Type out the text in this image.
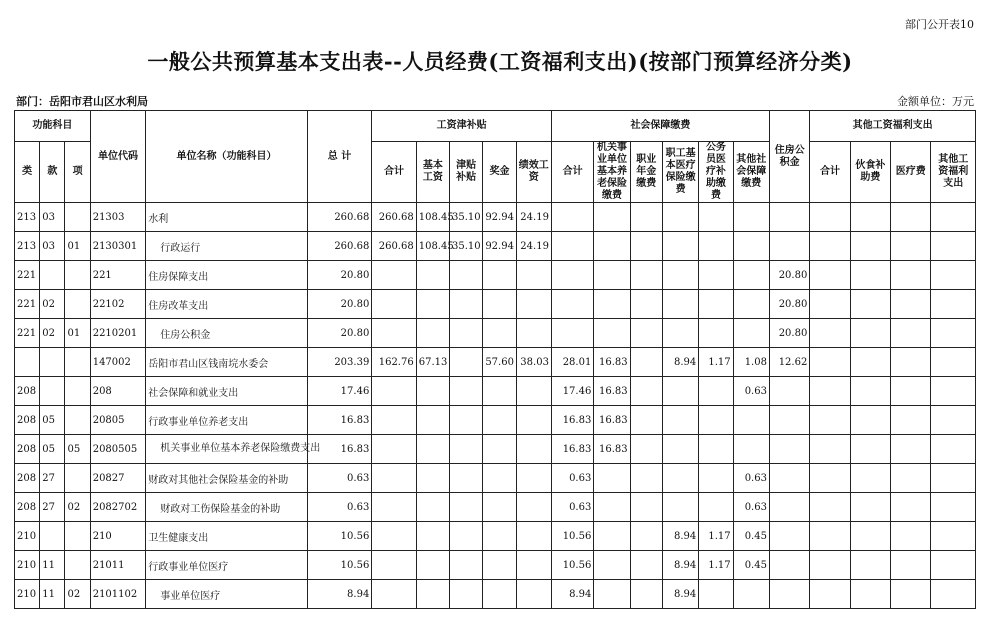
部门公开表10
一般公共预算基本支出表--人员经费(工资福利支出)(按部门预算经济分类)
部门：岳阳市君山区水利局	金额单位：万元
功能科目			单位代码	单位名称（功能科目）	总 计	工资津补贴					社会保障缴费						住房公积金	其他工资福利支出			
类	款	项				合计	基本工资	津贴补贴	奖金	绩效工资	合计	机关事业单位基本养老保险缴费	职业年金缴费	职工基本医疗保险缴费	公务员医疗补助缴费	其他社会保障缴费		合计	伙食补助费	医疗费	其他工资福利支出
213	03		21303	水利	260.68	260.68	108.45	35.10	92.94	24.19											
213	03	01	2130301	行政运行	260.68	260.68	108.45	35.10	92.94	24.19											
221			221	住房保障支出	20.80												20.80				
221	02		22102	住房改革支出	20.80												20.80				
221	02	01	2210201	住房公积金	20.80												20.80				
			147002	岳阳市君山区钱南垸水委会	203.39	162.76	67.13		57.60	38.03	28.01	16.83		8.94	1.17	1.08	12.62				
208			208	社会保障和就业支出	17.46						17.46	16.83				0.63					
208	05		20805	行政事业单位养老支出	16.83						16.83	16.83									
208	05	05	2080505	机关事业单位基本养老保险缴费支出	16.83						16.83	16.83									
208	27		20827	财政对其他社会保险基金的补助	0.63						0.63					0.63					
208	27	02	2082702	财政对工伤保险基金的补助	0.63						0.63					0.63					
210			210	卫生健康支出	10.56						10.56			8.94	1.17	0.45					
210	11		21011	行政事业单位医疗	10.56						10.56			8.94	1.17	0.45					
210	11	02	2101102	事业单位医疗	8.94						8.94			8.94							
